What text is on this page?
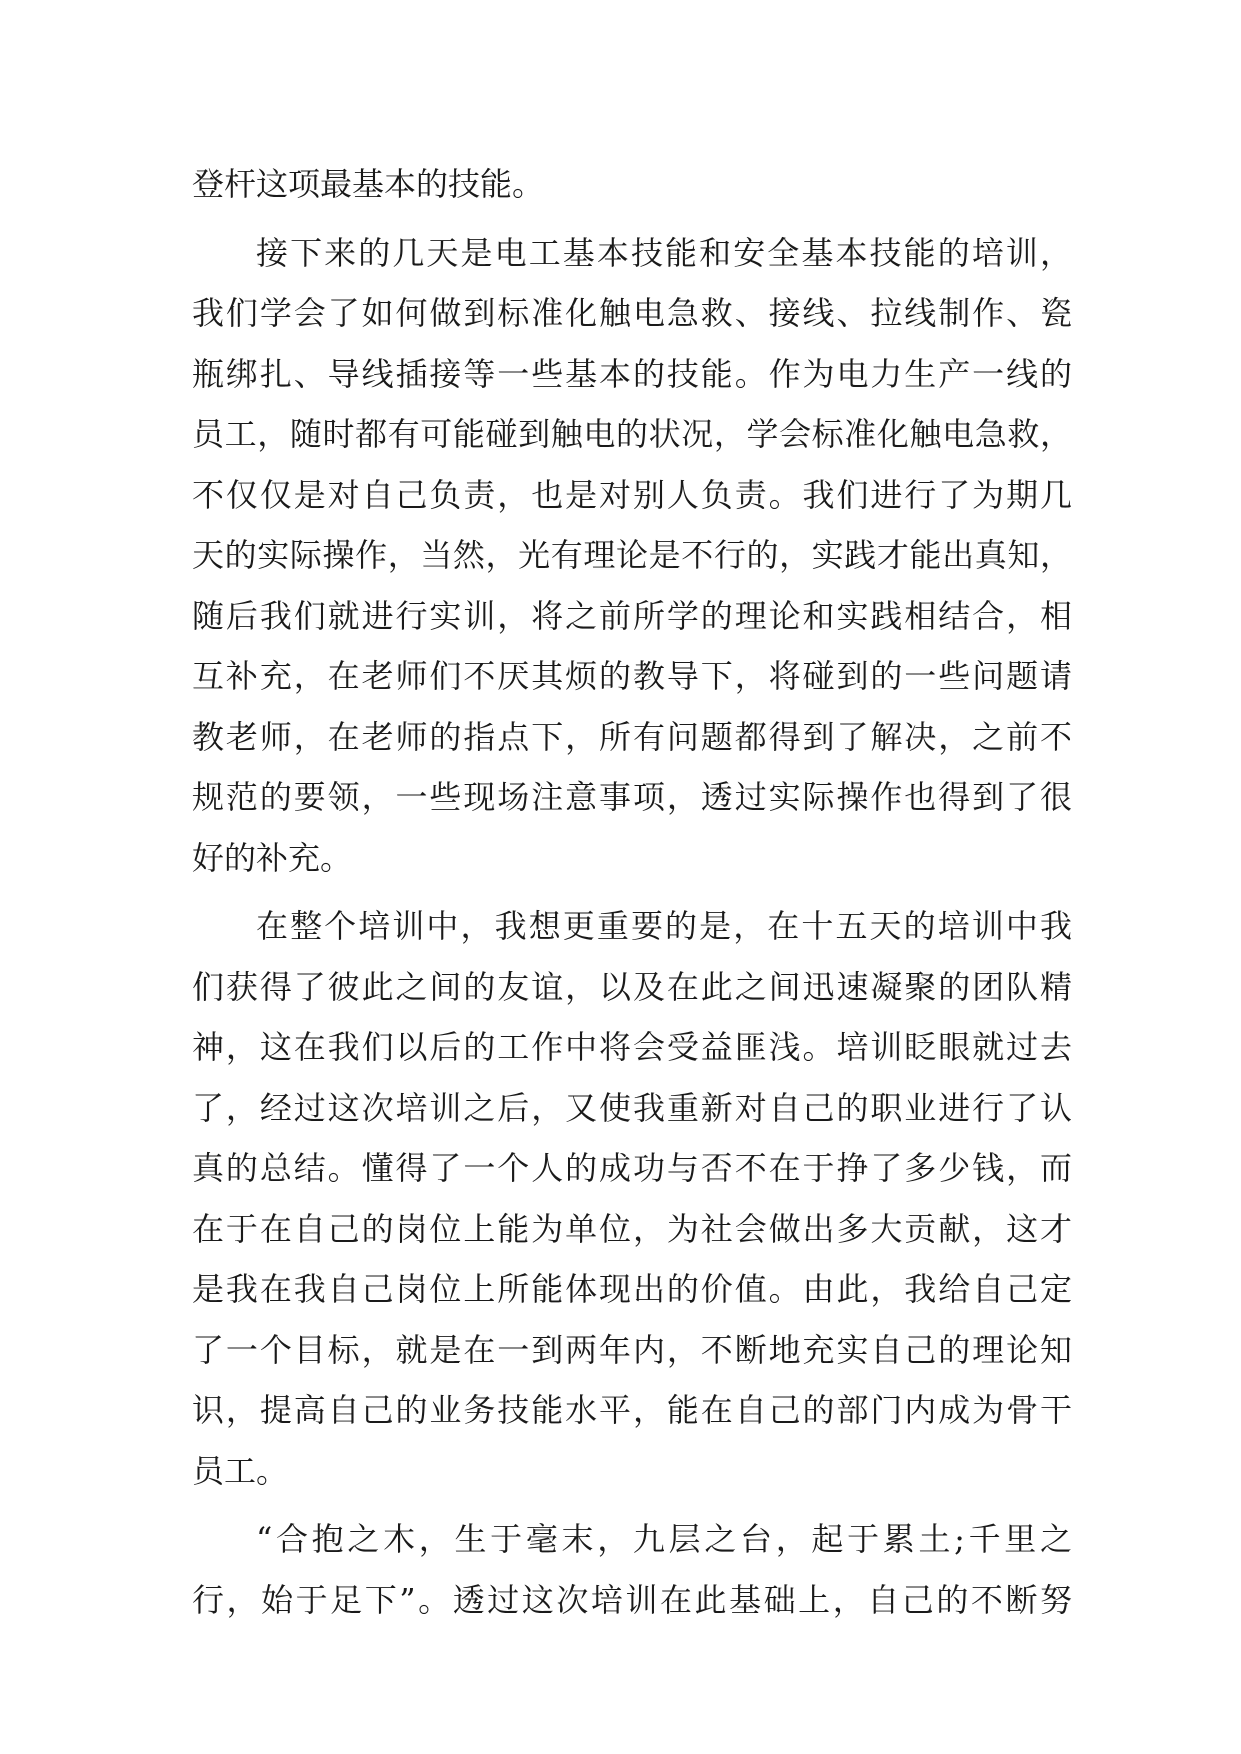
登杆这项最基本的技能。
接下来的几天是电工基本技能和安全基本技能的培训，
我们学会了如何做到标准化触电急救、接线、拉线制作、瓷
瓶绑扎、导线插接等一些基本的技能。作为电力生产一线的
员工，随时都有可能碰到触电的状况，学会标准化触电急救，
不仅仅是对自己负责，也是对别人负责。我们进行了为期几
天的实际操作，当然，光有理论是不行的，实践才能出真知，
随后我们就进行实训，将之前所学的理论和实践相结合，相
互补充，在老师们不厌其烦的教导下，将碰到的一些问题请
教老师，在老师的指点下，所有问题都得到了解决，之前不
规范的要领，一些现场注意事项，透过实际操作也得到了很
好的补充。
在整个培训中，我想更重要的是，在十五天的培训中我
们获得了彼此之间的友谊，以及在此之间迅速凝聚的团队精
神，这在我们以后的工作中将会受益匪浅。培训眨眼就过去
了，经过这次培训之后，又使我重新对自己的职业进行了认
真的总结。懂得了一个人的成功与否不在于挣了多少钱，而
在于在自己的岗位上能为单位，为社会做出多大贡献，这才
是我在我自己岗位上所能体现出的价值。由此，我给自己定
了一个目标，就是在一到两年内，不断地充实自己的理论知
识，提高自己的业务技能水平，能在自己的部门内成为骨干
员工。
“合抱之木，生于毫末，九层之台，起于累土;千里之
行，始于足下”。透过这次培训在此基础上，自己的不断努
